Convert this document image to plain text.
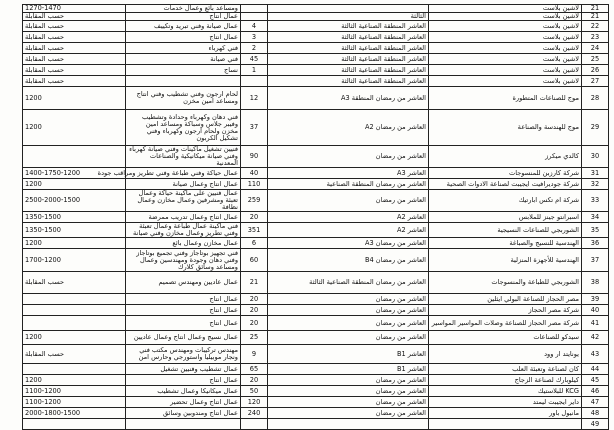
21	لاشين بلاست			ومساعد بائع وعمال خدمات	1270-1470
21	لاشين بلاست	الثالثة		عمال انتاج	حسب المقابلة
22	لاشين بلاست	العاشر المنطقة الصناعية الثالثة	4	عمال صيانة وفني تبريد وتكييف	حسب المقابلة
23	لاشين بلاست	العاشر المنطقة الصناعية الثالثة	3	عمال انتاج	حسب المقابلة
24	لاشين بلاست	العاشر المنطقة الصناعية الثالثة	2	فني كهرباء	حسب المقابلة
25	لاشين بلاست	العاشر المنطقة الصناعية الثالثة	45	فني صيانة	حسب المقابلة
26	لاشين بلاست	العاشر المنطقة الصناعية الثالثة	1	نساج	حسب المقابلة
27	لاشين بلاست	العاشر المنطقة الصناعية الثالثة			حسب المقابلة
28	موج للصناعات المتطورة	العاشر من رمضان المنطقة A3	12	لحام ارجون وفني تشطيب وفني انتاج ومساعد امين مخزن	1200
29	موج للهندسة والصناعة	العاشر من رمضان A2	37	فني دهان وكهرباء وحدادة وتشطيب وفيبر جلاس وسباكة ومساعد امين مخزن ولحام ارجون وكهرباء وفني تشكيل الكربون	1200
30	كالدي ميكرز	العاشر من رمضان	90	فنيين تشغيل ماكينات وفني صيانة كهرباء وفني صيانة ميكانيكية والصناعات المعدنية	
31	شركة كارزبن للمنسوجات	العاشر A3	40	عمال حياكة وفني طباعة وفني تطريز ومراقب جودة	1400-1750-1200
32	شركة جوديرافيت ايجيبت لصناعة الادوات الصحية	العاشر من رمضان المنطقة الصناعية	110	عمال انتاج وعمال صيانة	1200
33	شركة ام تكس ابارتيك	العاشر من رمضان	259	عمال فنيين على ماكينة حياكة وعمال تعبئة ومشرفين وعمال مخازن وعمال نظافة	2500-2000-1500
34	اسبرانتو جينز للملابس	العاشر A2	20	عمال انتاج وعمال تدريب ممرضة	1350-1500
35	الشوربجي للصناعات النسيجية	العاشر A2	351	فني ماكينة عمال طباعة وعمال تعبئة وفني تطريز وعمال مخازن وفني صيانة	1350-1500
36	الهندسية للنسيج والصباغة	العاشر من رمضان A3	6	عمال مخازن وعمال بائع	1200
37	الهندسية للأجهزة المنزلية	العاشر من رمضان B4	60	فني تجهيز بوتاجاز وفني تجميع بوتاجاز وفني دهان وجودة ومهندسين وعمال ومساعد وسائق كلارك	1700-1200
38	الشوربجي للطباعة والمنسوجات	العاشر من رمضان المنطقة الصناعية الثالثة	21	عمال عاديين ومهندس تصميم	حسب المقابلة
39	مصر الحجاز للصناعة البولي ايثلين	العاشر من رمضان	20	عمال انتاج	
40	شركة مصر الحجاز	العاشر من رمضان	20	عمال انتاج	
41	شركة مصر الحجاز للصناعة وصلات المواسير المواسير	العاشر من رمضان	20	عمال انتاج	
42	سيدكو للصناعات	العاشر من رمضان	25	عمال نسيج وعمال انتاج وعمال عاديين	1200
43	يونايتد ار وود	العاشر B1	9	مهندس تركيبات ومهندس مكتب فني ونجار موبيليا واستورجي وحارس امن	حسب المقابلة
44	كان لصناعة وتعبئة العلب	العاشر B1	65	عمال تشطيب وفنيين تشغيل	
45	كيلوبارك لصناعة الزجاج	العاشر من رمضان	20	عمال انتاج	1200
46	KCG للبلاستيك	العاشر من رمضان	50	عمال ميكانيكا وعمال تشطيب	1100-1200
47	داير ايجيبت ليمتد	العاشر من رمضان	120	عمال انتاج وعمال تحضير	1100-1200
48	مانيول باور	العاشر من رمضان	240	عمال انتاج ومندوبين وسائق	2000-1800-1500
49					
